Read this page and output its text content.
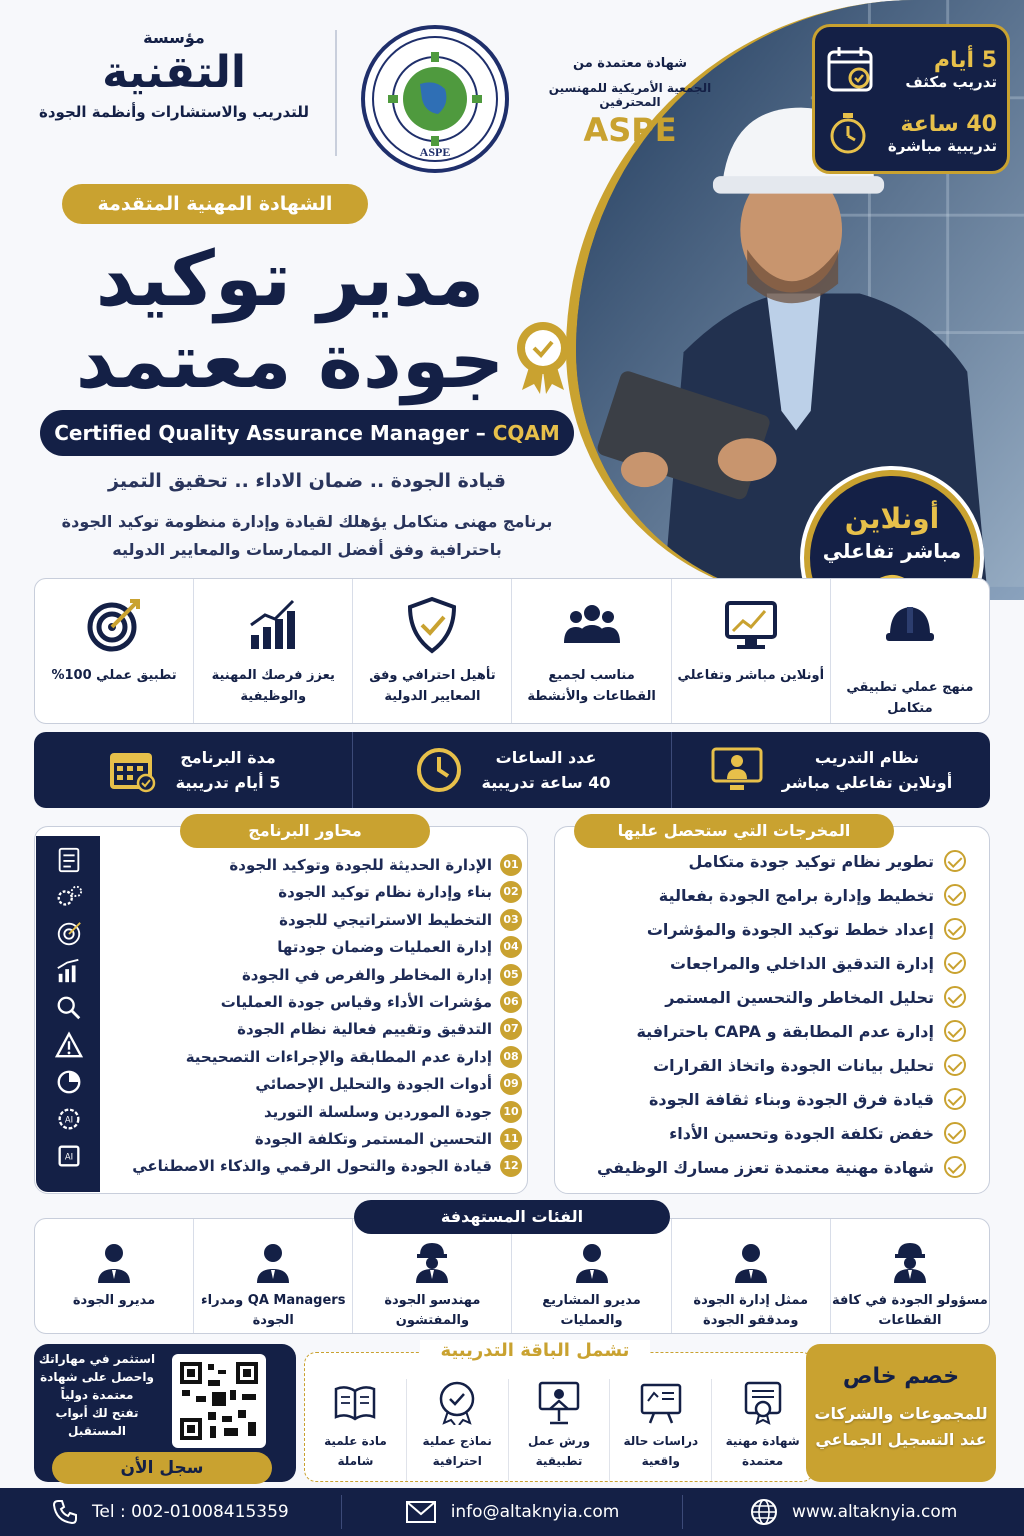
5 أيام
تدريب مكثف
40 ساعة
تدريبية مباشرة
مؤسسة
التقنية
للتدريب والاستشارات وأنظمة الجودة
ASPE
شهادة معتمدة من
الجمعية الأمريكية للمهنسين المحترفين
ASPE
الشهادة المهنية المتقدمة
مدير توكيد
جودة معتمد
Certified Quality Assurance Manager – CQAM
قيادة الجودة .. ضمان الاداء .. تحقيق التميز
برنامج مهنى متكامل يؤهلك لقيادة وإدارة منظومة توكيد الجودة
باحترافية وفق أفضل الممارسات والمعايير الدوليه
أونلاين
مباشر تفاعلي
منهج عملي تطبيقي متكامل
أونلاين مباشر وتفاعلي
مناسب لجميع القطاعات والأنشطة
تأهيل احترافي وفق المعايير الدولية
يعزز فرصك المهنية والوظيفية
تطبيق عملي 100%
نظام التدريب
أونلاين تفاعلي مباشر
عدد الساعات
40 ساعة تدريبية
مدة البرنامج
5 أيام تدريبية
المخرجات التي ستحصل عليها
تطوير نظام توكيد جودة متكامل
تخطيط وإدارة برامج الجودة بفعالية
إعداد خطط توكيد الجودة والمؤشرات
إدارة التدقيق الداخلي والمراجعات
تحليل المخاطر والتحسين المستمر
إدارة عدم المطابقة و CAPA باحترافية
تحليل بيانات الجودة واتخاذ القرارات
قيادة فرق الجودة وبناء ثقافة الجودة
خفض تكلفة الجودة وتحسين الأداء
شهادة مهنية معتمدة تعزز مسارك الوظيفي
محاور البرنامج
01
الإدارة الحديثة للجودة وتوكيد الجودة
02
بناء وإدارة نظام توكيد الجودة
03
التخطيط الاستراتيجي للجودة
04
إدارة العمليات وضمان جودتها
05
إدارة المخاطر والفرص في الجودة
06
مؤشرات الأداء وقياس جودة العمليات
07
التدقيق وتقييم فعالية نظام الجودة
08
إدارة عدم المطابقة والإجراءات التصحيحية
09
أدوات الجودة والتحليل الإحصائي
10
جودة الموردين وسلسلة التوريد
11
التحسين المستمر وتكلفة الجودة
12
قيادة الجودة والتحول الرقمي والذكاء الاصطناعي
AI
AI
مسؤولو الجودة في كافة القطاعات
ممثل إدارة الجودة ومدققو الجودة
مديرو المشاريع والعمليات
مهندسو الجودة والمفتشون
QA Managers ومدراء الجودة
مديرو الجودة
الفئات المستهدفة
استثمر في مهاراتك
واحصل على شهادة
معتمدة دولياً
تفتح لك أبواب
المستقبل
سجل الأن
شهادة مهنية معتمدة
دراسات حالة واقعية
ورش عمل تطبيقية
نماذج عملية احترافية
مادة علمية شاملة
تشمل الباقة التدريبية
خصم خاص
للمجموعات والشركات
عند التسجيل الجماعي
Tel : 002-01008415359	info@altaknyia.com	www.altaknyia.com
